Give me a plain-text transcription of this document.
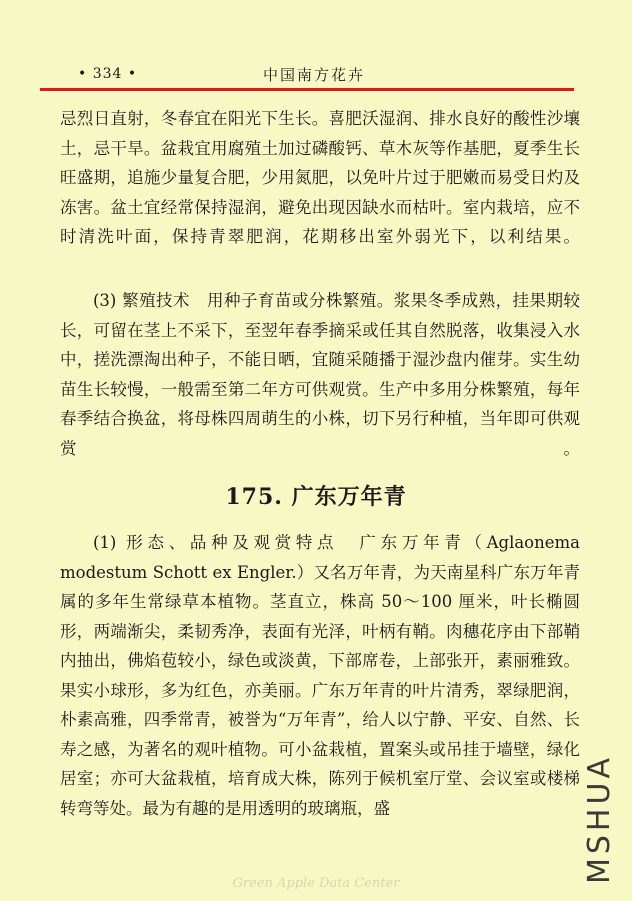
• 334 •	中国南方花卉

忌烈日直射，冬春宜在阳光下生长。喜肥沃湿润、排水良好的酸性沙壤土，忌干旱。盆栽宜用腐殖土加过磷酸钙、草木灰等作基肥，夏季生长旺盛期，追施少量复合肥，少用氮肥，以免叶片过于肥嫩而易受日灼及冻害。盆土宜经常保持湿润，避免出现因缺水而枯叶。室内栽培，应不时清洗叶面，保持青翠肥润，花期移出室外弱光下，以利结果。

(3) 繁殖技术　用种子育苗或分株繁殖。浆果冬季成熟，挂果期较长，可留在茎上不采下，至翌年春季摘采或任其自然脱落，收集浸入水中，搓洗漂淘出种子，不能日晒，宜随采随播于湿沙盘内催芽。实生幼苗生长较慢，一般需至第二年方可供观赏。生产中多用分株繁殖，每年春季结合换盆，将母株四周萌生的小株，切下另行种植，当年即可供观赏。

175. 广东万年青

(1) 形态、品种及观赏特点　广东万年青（Aglaonema modestum Schott ex Engler.）又名万年青，为天南星科广东万年青属的多年生常绿草本植物。茎直立，株高 50～100 厘米，叶长椭圆形，两端渐尖，柔韧秀净，表面有光泽，叶柄有鞘。肉穗花序由下部鞘内抽出，佛焰苞较小，绿色或淡黄，下部席卷，上部张开，素丽雅致。果实小球形，多为红色，亦美丽。广东万年青的叶片清秀，翠绿肥润，朴素高雅，四季常青，被誉为“万年青”，给人以宁静、平安、自然、长寿之感，为著名的观叶植物。可小盆栽植，置案头或吊挂于墙壁，绿化居室；亦可大盆栽植，培育成大株，陈列于候机室厅堂、会议室或楼梯转弯等处。最为有趣的是用透明的玻璃瓶，盛

Green Apple Data Center	MSHUA
